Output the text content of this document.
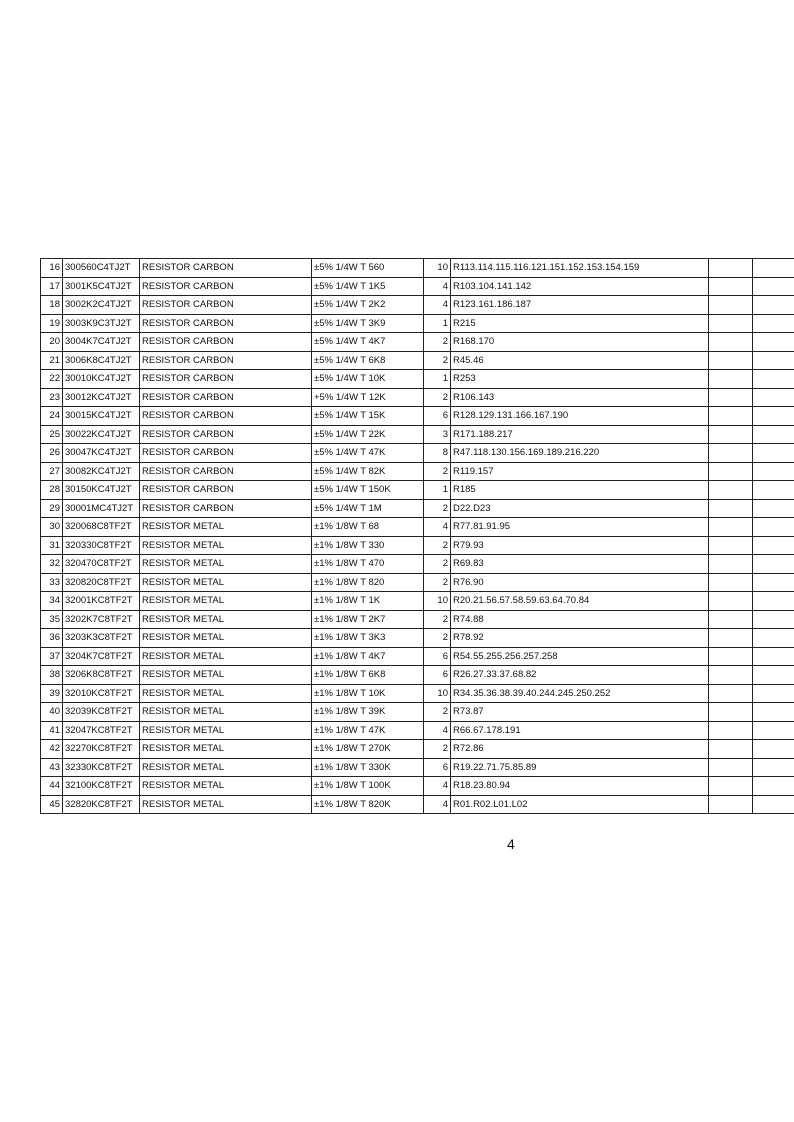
16	300560C4TJ2T	RESISTOR CARBON	±5% 1/4W T 560	10	R113.114.115.116.121.151.152.153.154.159		
17	3001K5C4TJ2T	RESISTOR CARBON	±5% 1/4W T 1K5	4	R103.104.141.142		
18	3002K2C4TJ2T	RESISTOR CARBON	±5% 1/4W T 2K2	4	R123.161.186.187		
19	3003K9C3TJ2T	RESISTOR CARBON	±5% 1/4W T 3K9	1	R215		
20	3004K7C4TJ2T	RESISTOR CARBON	±5% 1/4W T 4K7	2	R168.170		
21	3006K8C4TJ2T	RESISTOR CARBON	±5% 1/4W T 6K8	2	R45.46		
22	30010KC4TJ2T	RESISTOR CARBON	±5% 1/4W T 10K	1	R253		
23	30012KC4TJ2T	RESISTOR CARBON	+5% 1/4W T 12K	2	R106.143		
24	30015KC4TJ2T	RESISTOR CARBON	±5% 1/4W T 15K	6	R128.129.131.166.167.190		
25	30022KC4TJ2T	RESISTOR CARBON	±5% 1/4W T 22K	3	R171.188.217		
26	30047KC4TJ2T	RESISTOR CARBON	±5% 1/4W T 47K	8	R47.118.130.156.169.189.216.220		
27	30082KC4TJ2T	RESISTOR CARBON	±5% 1/4W T 82K	2	R119.157		
28	30150KC4TJ2T	RESISTOR CARBON	±5% 1/4W T 150K	1	R185		
29	30001MC4TJ2T	RESISTOR CARBON	±5% 1/4W T 1M	2	D22.D23		
30	320068C8TF2T	RESISTOR METAL	±1% 1/8W T 68	4	R77.81.91.95		
31	320330C8TF2T	RESISTOR METAL	±1% 1/8W T 330	2	R79.93		
32	320470C8TF2T	RESISTOR METAL	±1% 1/8W T 470	2	R69.83		
33	320820C8TF2T	RESISTOR METAL	±1% 1/8W T 820	2	R76.90		
34	32001KC8TF2T	RESISTOR METAL	±1% 1/8W T 1K	10	R20.21.56.57.58.59.63.64.70.84		
35	3202K7C8TF2T	RESISTOR METAL	±1% 1/8W T 2K7	2	R74.88		
36	3203K3C8TF2T	RESISTOR METAL	±1% 1/8W T 3K3	2	R78.92		
37	3204K7C8TF2T	RESISTOR METAL	±1% 1/8W T 4K7	6	R54.55.255.256.257.258		
38	3206K8C8TF2T	RESISTOR METAL	±1% 1/8W T 6K8	6	R26.27.33.37.68.82		
39	32010KC8TF2T	RESISTOR METAL	±1% 1/8W T 10K	10	R34.35.36.38.39.40.244.245.250.252		
40	32039KC8TF2T	RESISTOR METAL	±1% 1/8W T 39K	2	R73.87		
41	32047KC8TF2T	RESISTOR METAL	±1% 1/8W T 47K	4	R66.67.178.191		
42	32270KC8TF2T	RESISTOR METAL	±1% 1/8W T 270K	2	R72.86		
43	32330KC8TF2T	RESISTOR METAL	±1% 1/8W T 330K	6	R19.22.71.75.85.89		
44	32100KC8TF2T	RESISTOR METAL	±1% 1/8W T 100K	4	R18.23.80.94		
45	32820KC8TF2T	RESISTOR METAL	±1% 1/8W T 820K	4	R01.R02.L01.L02		
4
